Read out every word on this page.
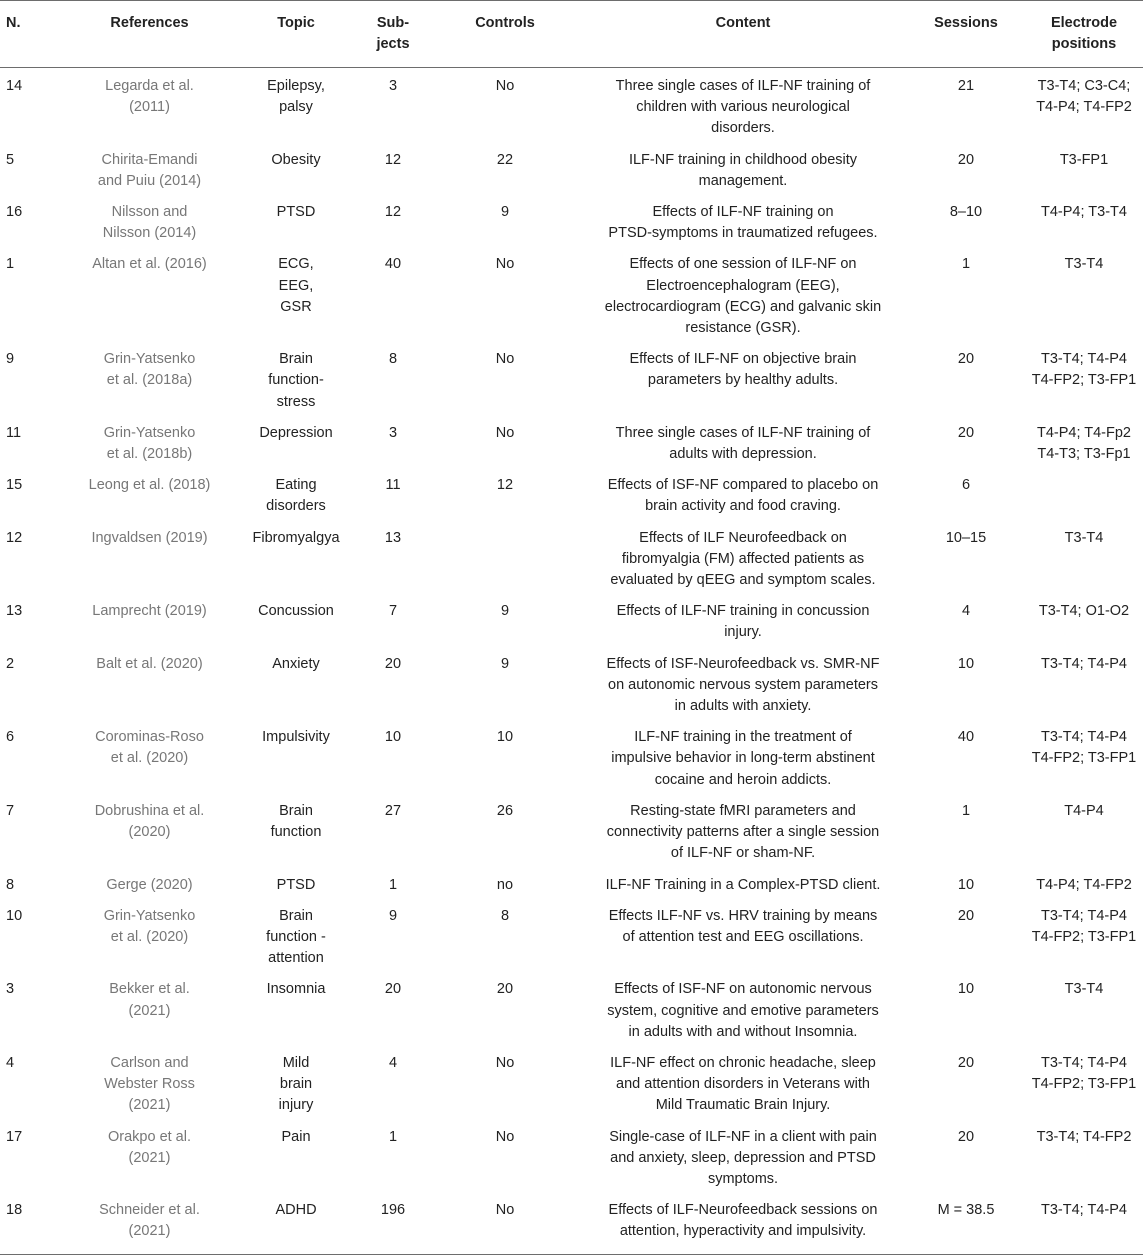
N.	References	Topic	Sub-
jects	Controls	Content	Sessions	Electrode
positions
14	Legarda et al.
(2011)	Epilepsy,
palsy	3	No	Three single cases of ILF-NF training of
children with various neurological
disorders.	21	T3-T4; C3-C4;
T4-P4; T4-FP2
5	Chirita-Emandi
and Puiu (2014)	Obesity	12	22	ILF-NF training in childhood obesity
management.	20	T3-FP1
16	Nilsson and
Nilsson (2014)	PTSD	12	9	Effects of ILF-NF training on
PTSD-symptoms in traumatized refugees.	8–10	T4-P4; T3-T4
1	Altan et al. (2016)	ECG,
EEG,
GSR	40	No	Effects of one session of ILF-NF on
Electroencephalogram (EEG),
electrocardiogram (ECG) and galvanic skin
resistance (GSR).	1	T3-T4
9	Grin-Yatsenko
et al. (2018a)	Brain
function-
stress	8	No	Effects of ILF-NF on objective brain
parameters by healthy adults.	20	T3-T4; T4-P4
T4-FP2; T3-FP1
11	Grin-Yatsenko
et al. (2018b)	Depression	3	No	Three single cases of ILF-NF training of
adults with depression.	20	T4-P4; T4-Fp2
T4-T3; T3-Fp1
15	Leong et al. (2018)	Eating
disorders	11	12	Effects of ISF-NF compared to placebo on
brain activity and food craving.	6	
12	Ingvaldsen (2019)	Fibromyalgya	13		Effects of ILF Neurofeedback on
fibromyalgia (FM) affected patients as
evaluated by qEEG and symptom scales.	10–15	T3-T4
13	Lamprecht (2019)	Concussion	7	9	Effects of ILF-NF training in concussion
injury.	4	T3-T4; O1-O2
2	Balt et al. (2020)	Anxiety	20	9	Effects of ISF-Neurofeedback vs. SMR-NF
on autonomic nervous system parameters
in adults with anxiety.	10	T3-T4; T4-P4
6	Corominas-Roso
et al. (2020)	Impulsivity	10	10	ILF-NF training in the treatment of
impulsive behavior in long-term abstinent
cocaine and heroin addicts.	40	T3-T4; T4-P4
T4-FP2; T3-FP1
7	Dobrushina et al.
(2020)	Brain
function	27	26	Resting-state fMRI parameters and
connectivity patterns after a single session
of ILF-NF or sham-NF.	1	T4-P4
8	Gerge (2020)	PTSD	1	no	ILF-NF Training in a Complex-PTSD client.	10	T4-P4; T4-FP2
10	Grin-Yatsenko
et al. (2020)	Brain
function -
attention	9	8	Effects ILF-NF vs. HRV training by means
of attention test and EEG oscillations.	20	T3-T4; T4-P4
T4-FP2; T3-FP1
3	Bekker et al.
(2021)	Insomnia	20	20	Effects of ISF-NF on autonomic nervous
system, cognitive and emotive parameters
in adults with and without Insomnia.	10	T3-T4
4	Carlson and
Webster Ross
(2021)	Mild
brain
injury	4	No	ILF-NF effect on chronic headache, sleep
and attention disorders in Veterans with
Mild Traumatic Brain Injury.	20	T3-T4; T4-P4
T4-FP2; T3-FP1
17	Orakpo et al.
(2021)	Pain	1	No	Single-case of ILF-NF in a client with pain
and anxiety, sleep, depression and PTSD
symptoms.	20	T3-T4; T4-FP2
18	Schneider et al.
(2021)	ADHD	196	No	Effects of ILF-Neurofeedback sessions on
attention, hyperactivity and impulsivity.	M = 38.5	T3-T4; T4-P4
